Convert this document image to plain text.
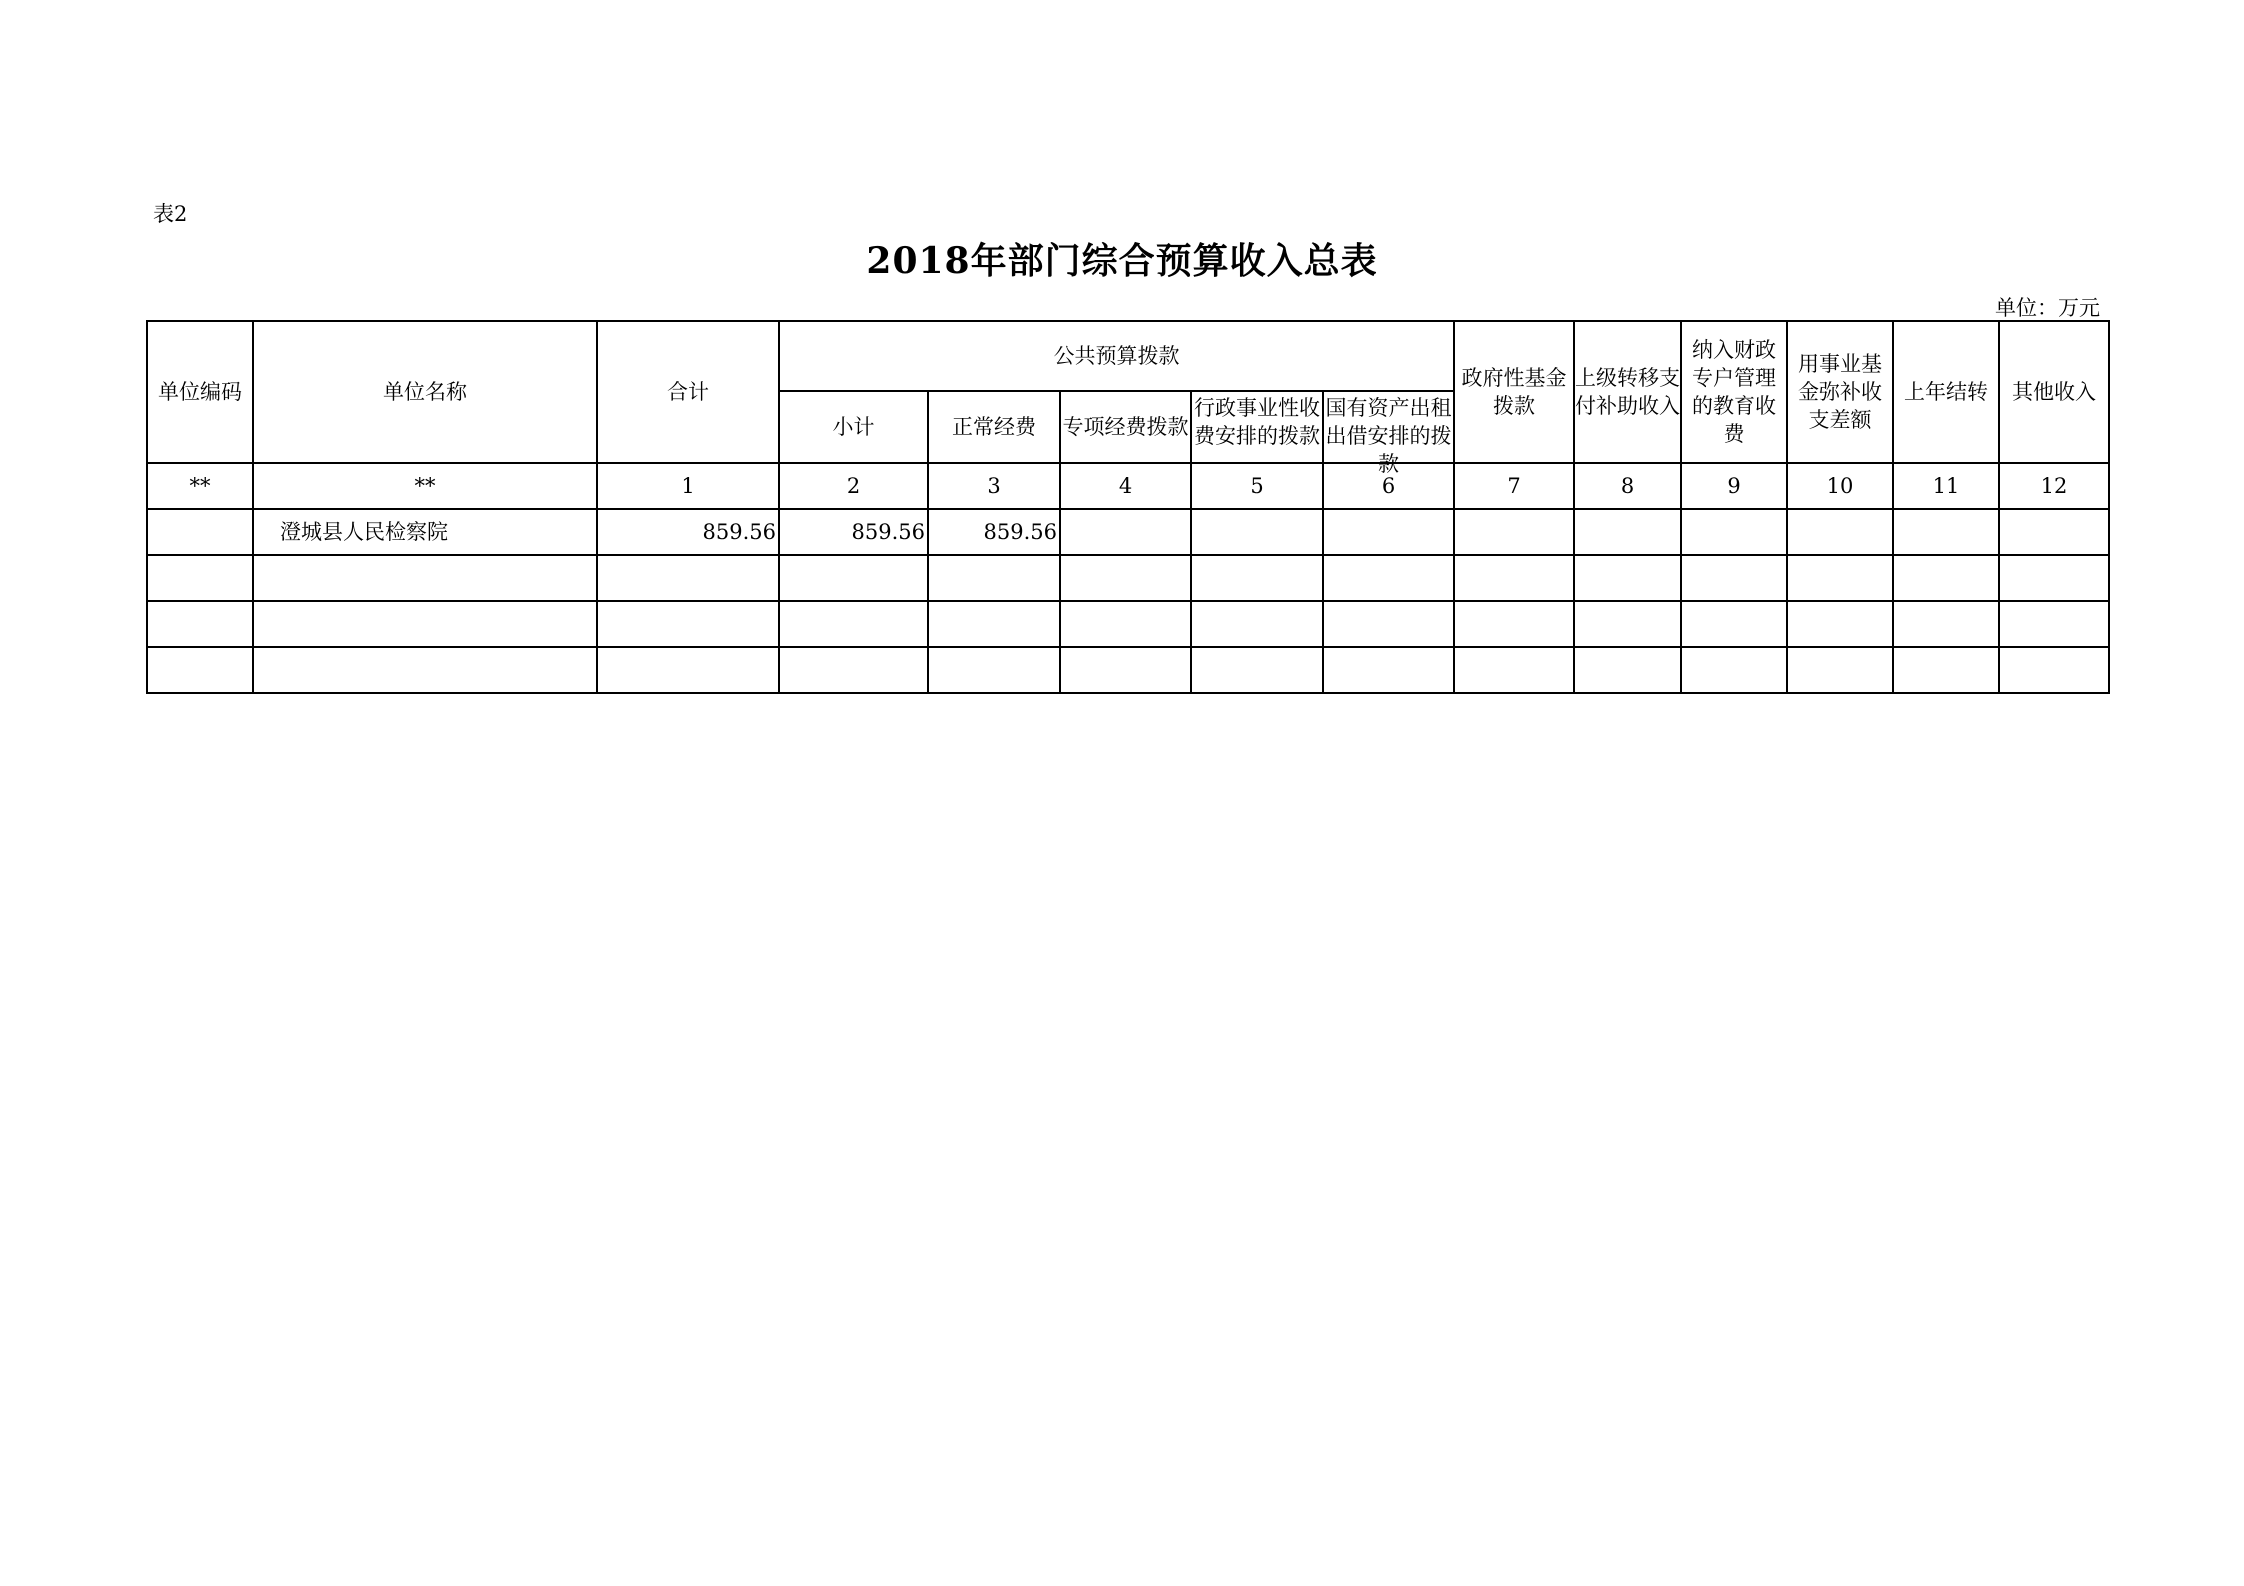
表2
2018年部门综合预算收入总表
单位：万元
单位编码	单位名称	合计	公共预算拨款					政府性基金拨款	上级转移支付补助收入	纳入财政专户管理的教育收费	用事业基金弥补收支差额	上年结转	其他收入
			小计	正常经费	专项经费拨款	行政事业性收费安排的拨款	国有资产出租出借安排的拨款						

**	**	1	2	3	4	5	6	7	8	9	10	11	12
	澄城县人民检察院	859.56	859.56	859.56									
